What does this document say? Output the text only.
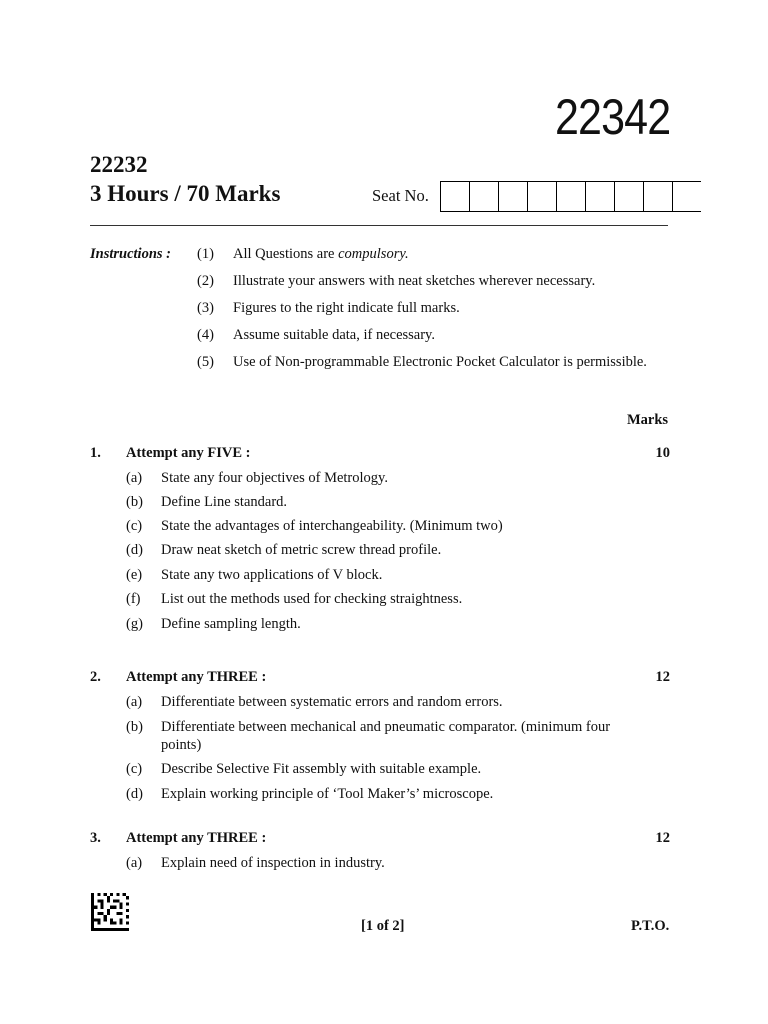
22342
22232
3 Hours / 70 Marks	Seat No.
Instructions : (1) All Questions are compulsory.
(2) Illustrate your answers with neat sketches wherever necessary.
(3) Figures to the right indicate full marks.
(4) Assume suitable data, if necessary.
(5) Use of Non-programmable Electronic Pocket Calculator is permissible.
Marks
1. Attempt any FIVE :	10
(a) State any four objectives of Metrology.
(b) Define Line standard.
(c) State the advantages of interchangeability. (Minimum two)
(d) Draw neat sketch of metric screw thread profile.
(e) State any two applications of V block.
(f) List out the methods used for checking straightness.
(g) Define sampling length.
2. Attempt any THREE :	12
(a) Differentiate between systematic errors and random errors.
(b) Differentiate between mechanical and pneumatic comparator. (minimum four points)
(c) Describe Selective Fit assembly with suitable example.
(d) Explain working principle of ‘Tool Maker’s’ microscope.
3. Attempt any THREE :	12
(a) Explain need of inspection in industry.
[1 of 2]	P.T.O.
